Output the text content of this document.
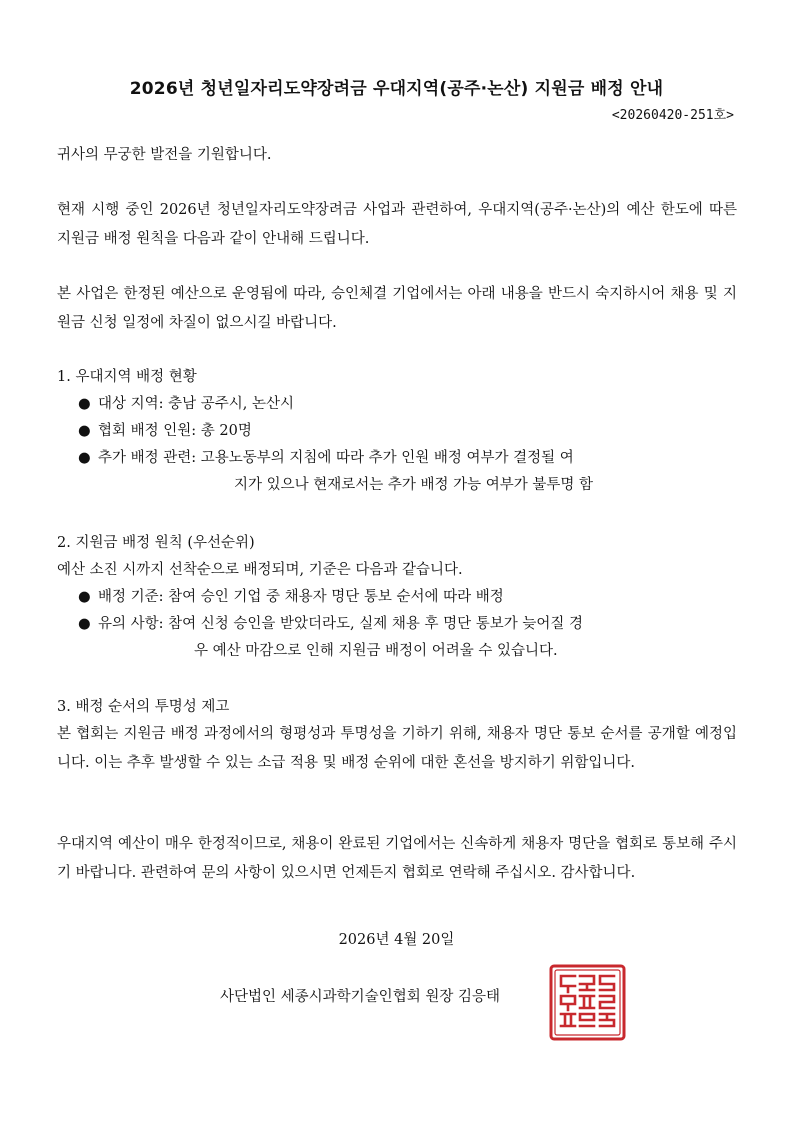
2026년 청년일자리도약장려금 우대지역(공주·논산) 지원금 배정 안내
<20260420-251호>
귀사의 무궁한 발전을 기원합니다.
현재 시행 중인 2026년 청년일자리도약장려금 사업과 관련하여, 우대지역(공주·논산)의 예산 한도에 따른 지원금 배정 원칙을 다음과 같이 안내해 드립니다.
본 사업은 한정된 예산으로 운영됨에 따라, 승인체결 기업에서는 아래 내용을 반드시 숙지하시어 채용 및 지원금 신청 일정에 차질이 없으시길 바랍니다.
1. 우대지역 배정 현황
● 대상 지역: 충남 공주시, 논산시
● 협회 배정 인원: 총 20명
● 추가 배정 관련: 고용노동부의 지침에 따라 추가 인원 배정 여부가 결정될 여
지가 있으나 현재로서는 추가 배정 가능 여부가 불투명 함
2. 지원금 배정 원칙 (우선순위)
예산 소진 시까지 선착순으로 배정되며, 기준은 다음과 같습니다.
● 배정 기준: 참여 승인 기업 중 채용자 명단 통보 순서에 따라 배정
● 유의 사항: 참여 신청 승인을 받았더라도, 실제 채용 후 명단 통보가 늦어질 경
우 예산 마감으로 인해 지원금 배정이 어려울 수 있습니다.
3. 배정 순서의 투명성 제고
본 협회는 지원금 배정 과정에서의 형평성과 투명성을 기하기 위해, 채용자 명단 통보 순서를 공개할 예정입니다. 이는 추후 발생할 수 있는 소급 적용 및 배정 순위에 대한 혼선을 방지하기 위함입니다.
우대지역 예산이 매우 한정적이므로, 채용이 완료된 기업에서는 신속하게 채용자 명단을 협회로 통보해 주시기 바랍니다. 관련하여 문의 사항이 있으시면 언제든지 협회로 연락해 주십시오. 감사합니다.
2026년 4월 20일
사단법인 세종시과학기술인협회 원장 김응태
